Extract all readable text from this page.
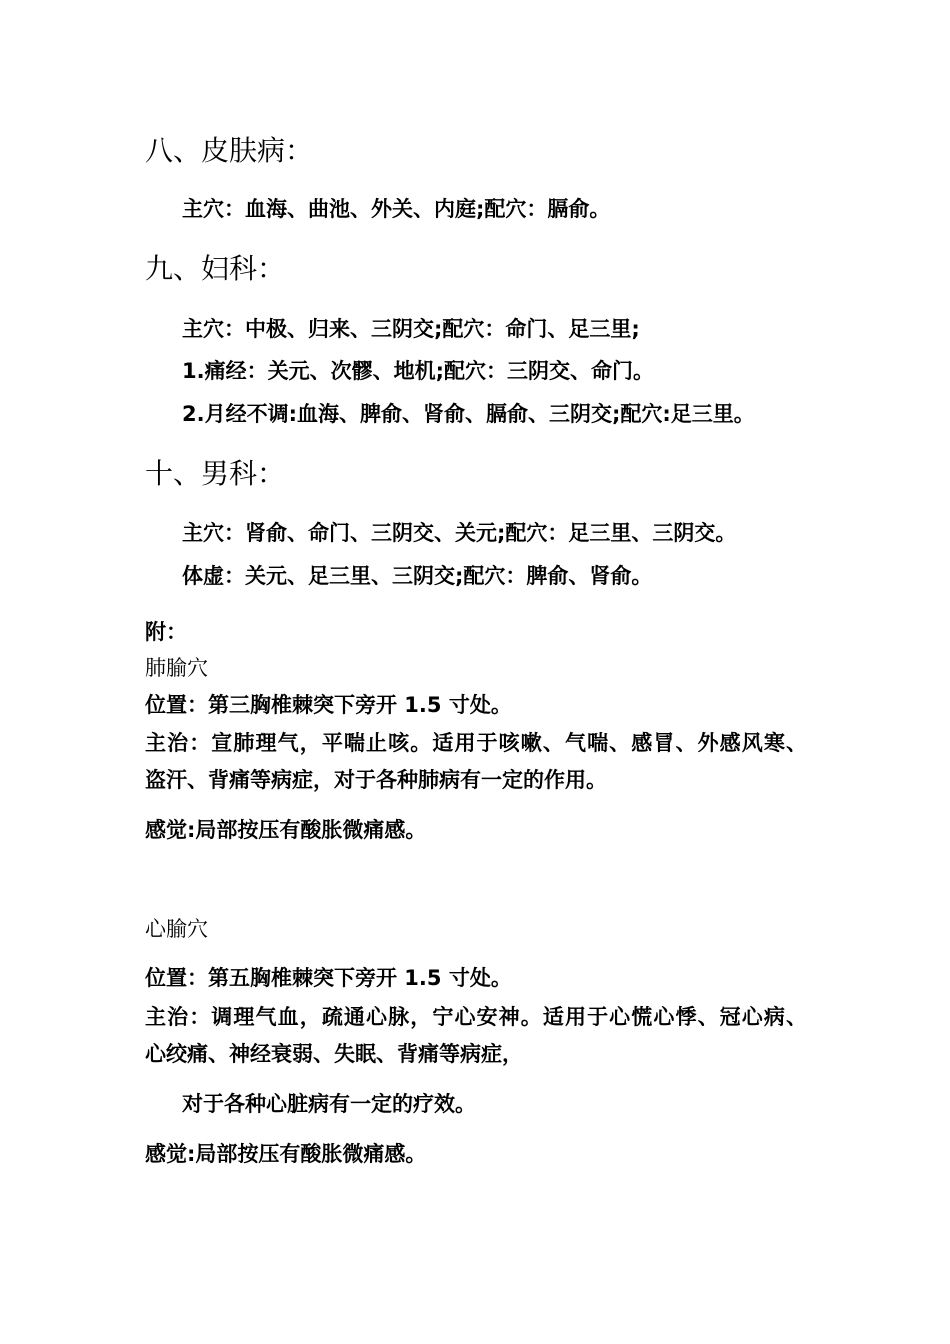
八、皮肤病：
主穴：血海、曲池、外关、内庭;配穴：膈俞。
九、妇科：
主穴：中极、归来、三阴交;配穴：命门、足三里;
1.痛经：关元、次髎、地机;配穴：三阴交、命门。
2.月经不调:血海、脾俞、肾俞、膈俞、三阴交;配穴:足三里。
十、男科：
主穴：肾俞、命门、三阴交、关元;配穴：足三里、三阴交。
体虚：关元、足三里、三阴交;配穴：脾俞、肾俞。
附：
肺腧穴
位置：第三胸椎棘突下旁开 1.5 寸处。
主治：宣肺理气，平喘止咳。适用于咳嗽、气喘、感冒、外感风寒、
盗汗、背痛等病症，对于各种肺病有一定的作用。
感觉:局部按压有酸胀微痛感。
心腧穴
位置：第五胸椎棘突下旁开 1.5 寸处。
主治：调理气血，疏通心脉，宁心安神。适用于心慌心悸、冠心病、
心绞痛、神经衰弱、失眠、背痛等病症，
对于各种心脏病有一定的疗效。
感觉:局部按压有酸胀微痛感。
